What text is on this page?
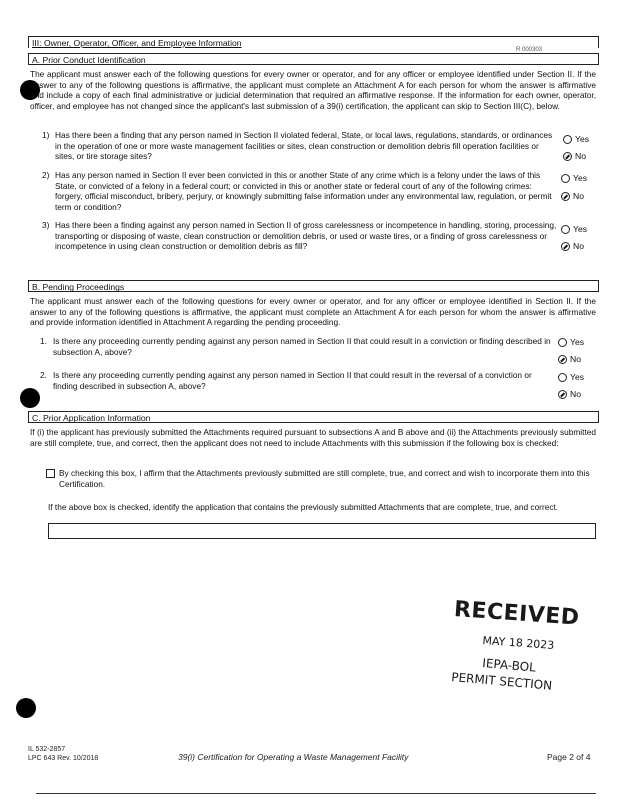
III: Owner, Operator, Officer, and Employee Information
R 000303
A. Prior Conduct Identification
The applicant must answer each of the following questions for every owner or operator, and for any officer or employee identified under Section II. If the answer to any of the following questions is affirmative, the applicant must complete an Attachment A for each person for whom the answer is affirmative and include a copy of each final administrative or judicial determination that required an affirmative response. If the information for each owner, operator, officer, and employee has not changed since the applicant's last submission of a 39(i) certification, the applicant can skip to Section III(C), below.
1) Has there been a finding that any person named in Section II violated federal, State, or local laws, regulations, standards, or ordinances in the operation of one or more waste management facilities or sites, clean construction or demolition debris fill operation facilities or sites, or tire storage sites?
Yes
No
2) Has any person named in Section II ever been convicted in this or another State of any crime which is a felony under the laws of this State, or convicted of a felony in a federal court; or convicted in this or another state or federal court of any of the following crimes: forgery, official misconduct, bribery, perjury, or knowingly submitting false information under any environmental law, regulation, or permit term or condition?
Yes
No
3) Has there been a finding against any person named in Section II of gross carelessness or incompetence in handling, storing, processing, transporting or disposing of waste, clean construction or demolition debris, or used or waste tires, or a finding of gross carelessness or incompetence in using clean construction or demolition debris as fill?
Yes
No
B. Pending Proceedings
The applicant must answer each of the following questions for every owner or operator, and for any officer or employee identified in Section II. If the answer to any of the following questions is affirmative, the applicant must complete an Attachment A for each person for whom the answer is affirmative and provide information identified in Attachment A regarding the pending proceeding.
1. Is there any proceeding currently pending against any person named in Section II that could result in a conviction or finding described in subsection A, above?
Yes
No
2. Is there any proceeding currently pending against any person named in Section II that could result in the reversal of a conviction or finding described in subsection A, above?
Yes
No
C. Prior Application Information
If (i) the applicant has previously submitted the Attachments required pursuant to subsections A and B above and (ii) the Attachments previously submitted are still complete, true, and correct, then the applicant does not need to include Attachments with this submission if the following box is checked:
By checking this box, I affirm that the Attachments previously submitted are still complete, true, and correct and wish to incorporate them into this Certification.
If the above box is checked, identify the application that contains the previously submitted Attachments that are complete, true, and correct.
RECEIVED
MAY 18 2023
IEPA-BOL
PERMIT SECTION
IL 532-2857
LPC 643 Rev. 10/2018	39(i) Certification for Operating a Waste Management Facility	Page 2 of 4
